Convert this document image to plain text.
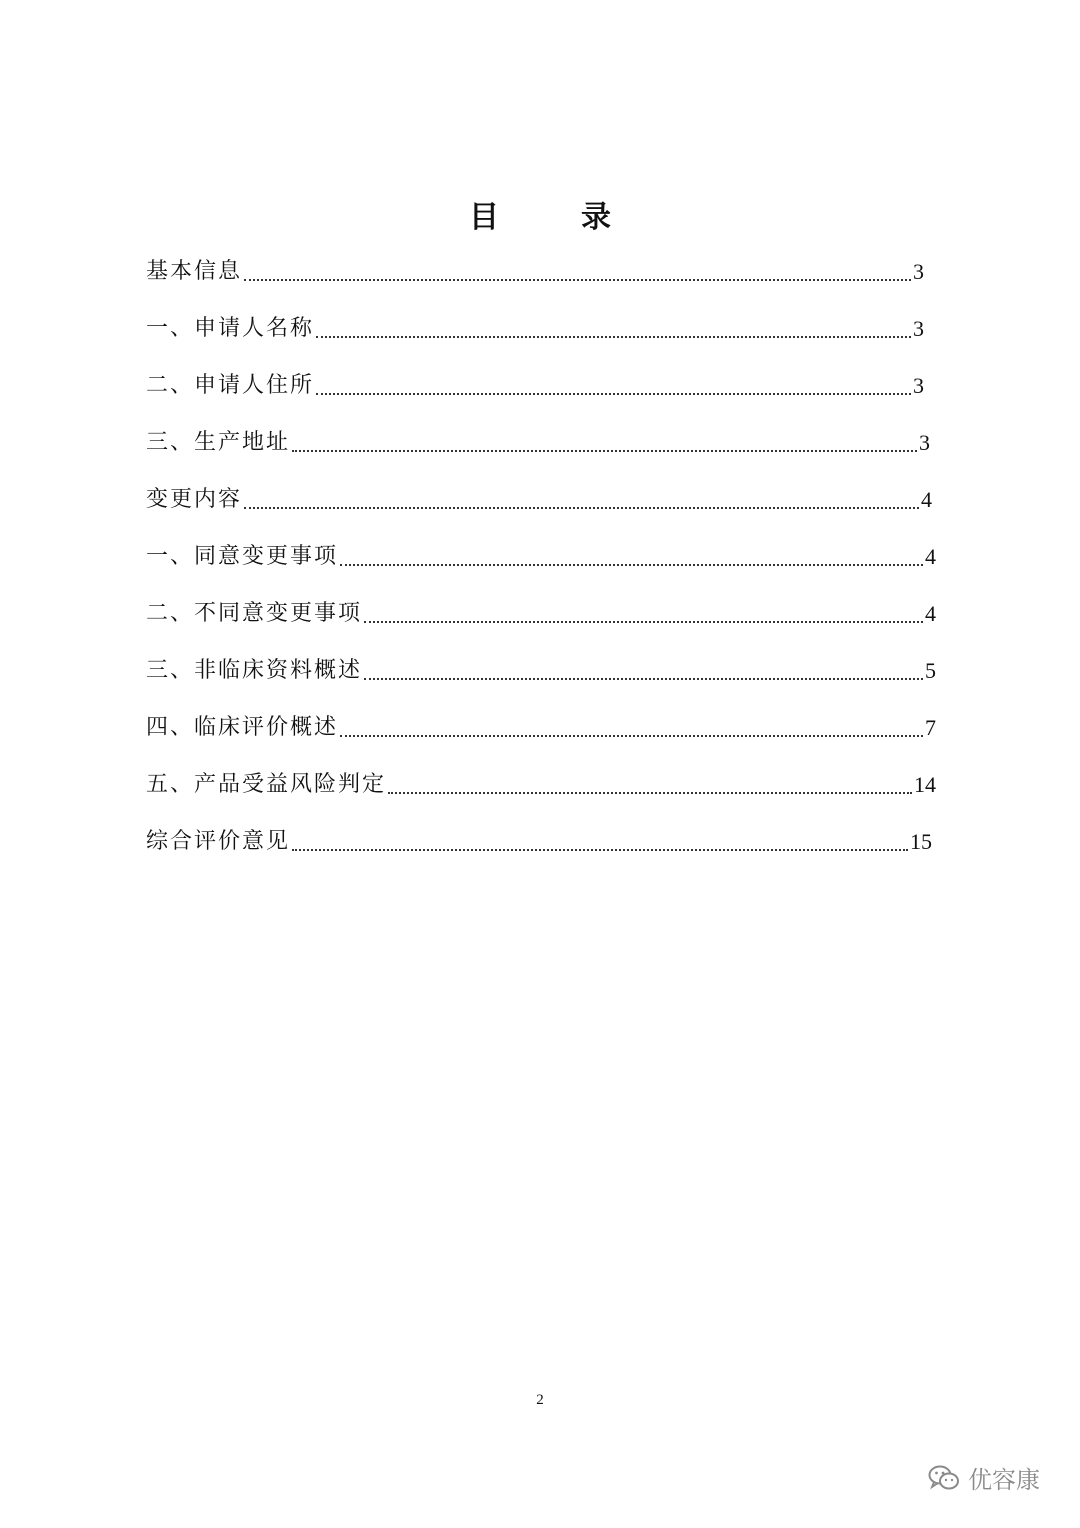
目　录
基本信息	3
一、申请人名称	3
二、申请人住所	3
三、生产地址	3
变更内容	4
一、同意变更事项	4
二、不同意变更事项	4
三、非临床资料概述	5
四、临床评价概述	7
五、产品受益风险判定	14
综合评价意见	15
2
优容康
